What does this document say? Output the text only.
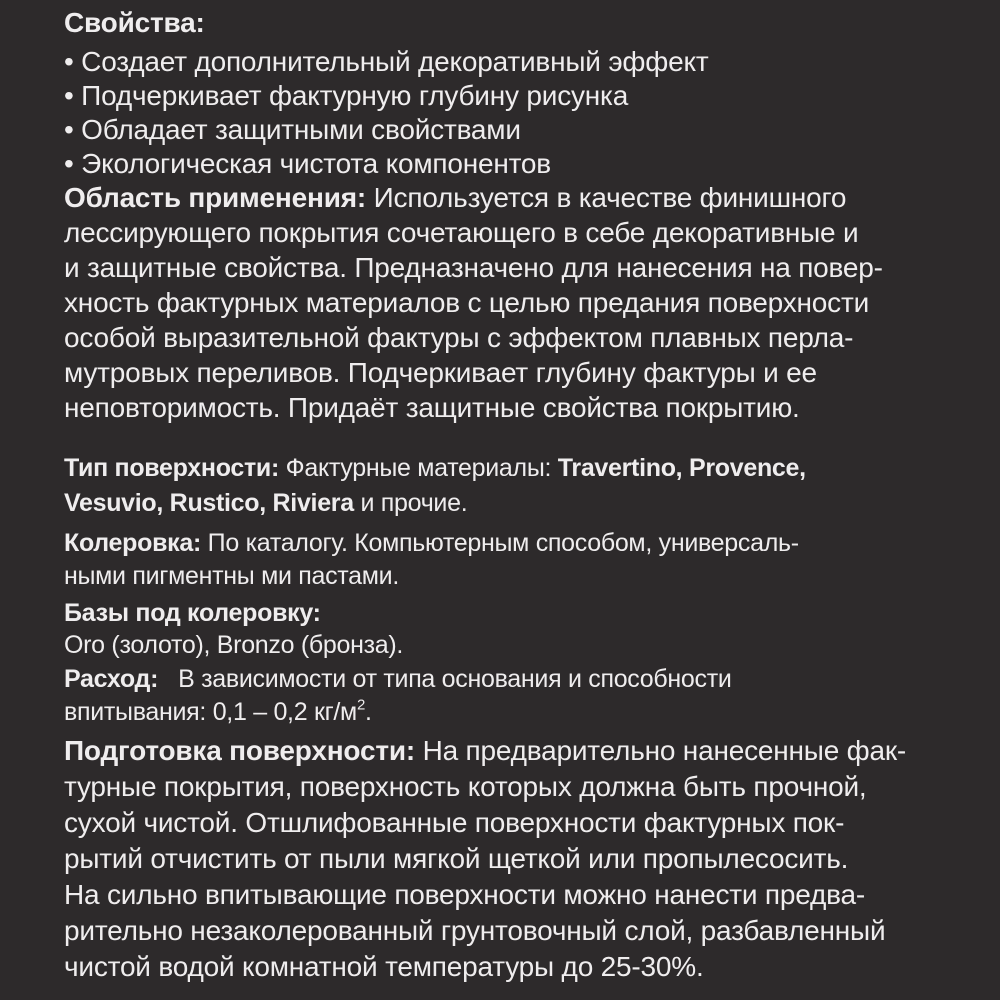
Свойства:
• Создает дополнительный декоративный эффект
• Подчеркивает фактурную глубину рисунка
• Обладает защитными свойствами
• Экологическая чистота компонентов
Область применения: Используется в качестве финишного
лессирующего покрытия сочетающего в себе декоративные и
и защитные свойства. Предназначено для нанесения на повер-
хность фактурных материалов с целью предания поверхности
особой выразительной фактуры с эффектом плавных перла-
мутровых переливов. Подчеркивает глубину фактуры и ее
неповторимость. Придаёт защитные свойства покрытию.
Тип поверхности: Фактурные материалы: Travertino, Provence,
Vesuvio, Rustico, Riviera и прочие.
Колеровка: По каталогу. Компьютерным способом, универсаль-
ными пигментны ми пастами.
Базы под колеровку:
Oro (золото), Bronzo (бронза).
Расход: В зависимости от типа основания и способности
впитывания: 0,1 – 0,2 $кг/м^2$.
Подготовка поверхности: На предварительно нанесенные фак-
турные покрытия, поверхность которых должна быть прочной,
сухой чистой. Отшлифованные поверхности фактурных пок-
рытий отчистить от пыли мягкой щеткой или пропылесосить.
На сильно впитывающие поверхности можно нанести предва-
рительно незаколерованный грунтовочный слой, разбавленный
чистой водой комнатной температуры до 25-30%.
